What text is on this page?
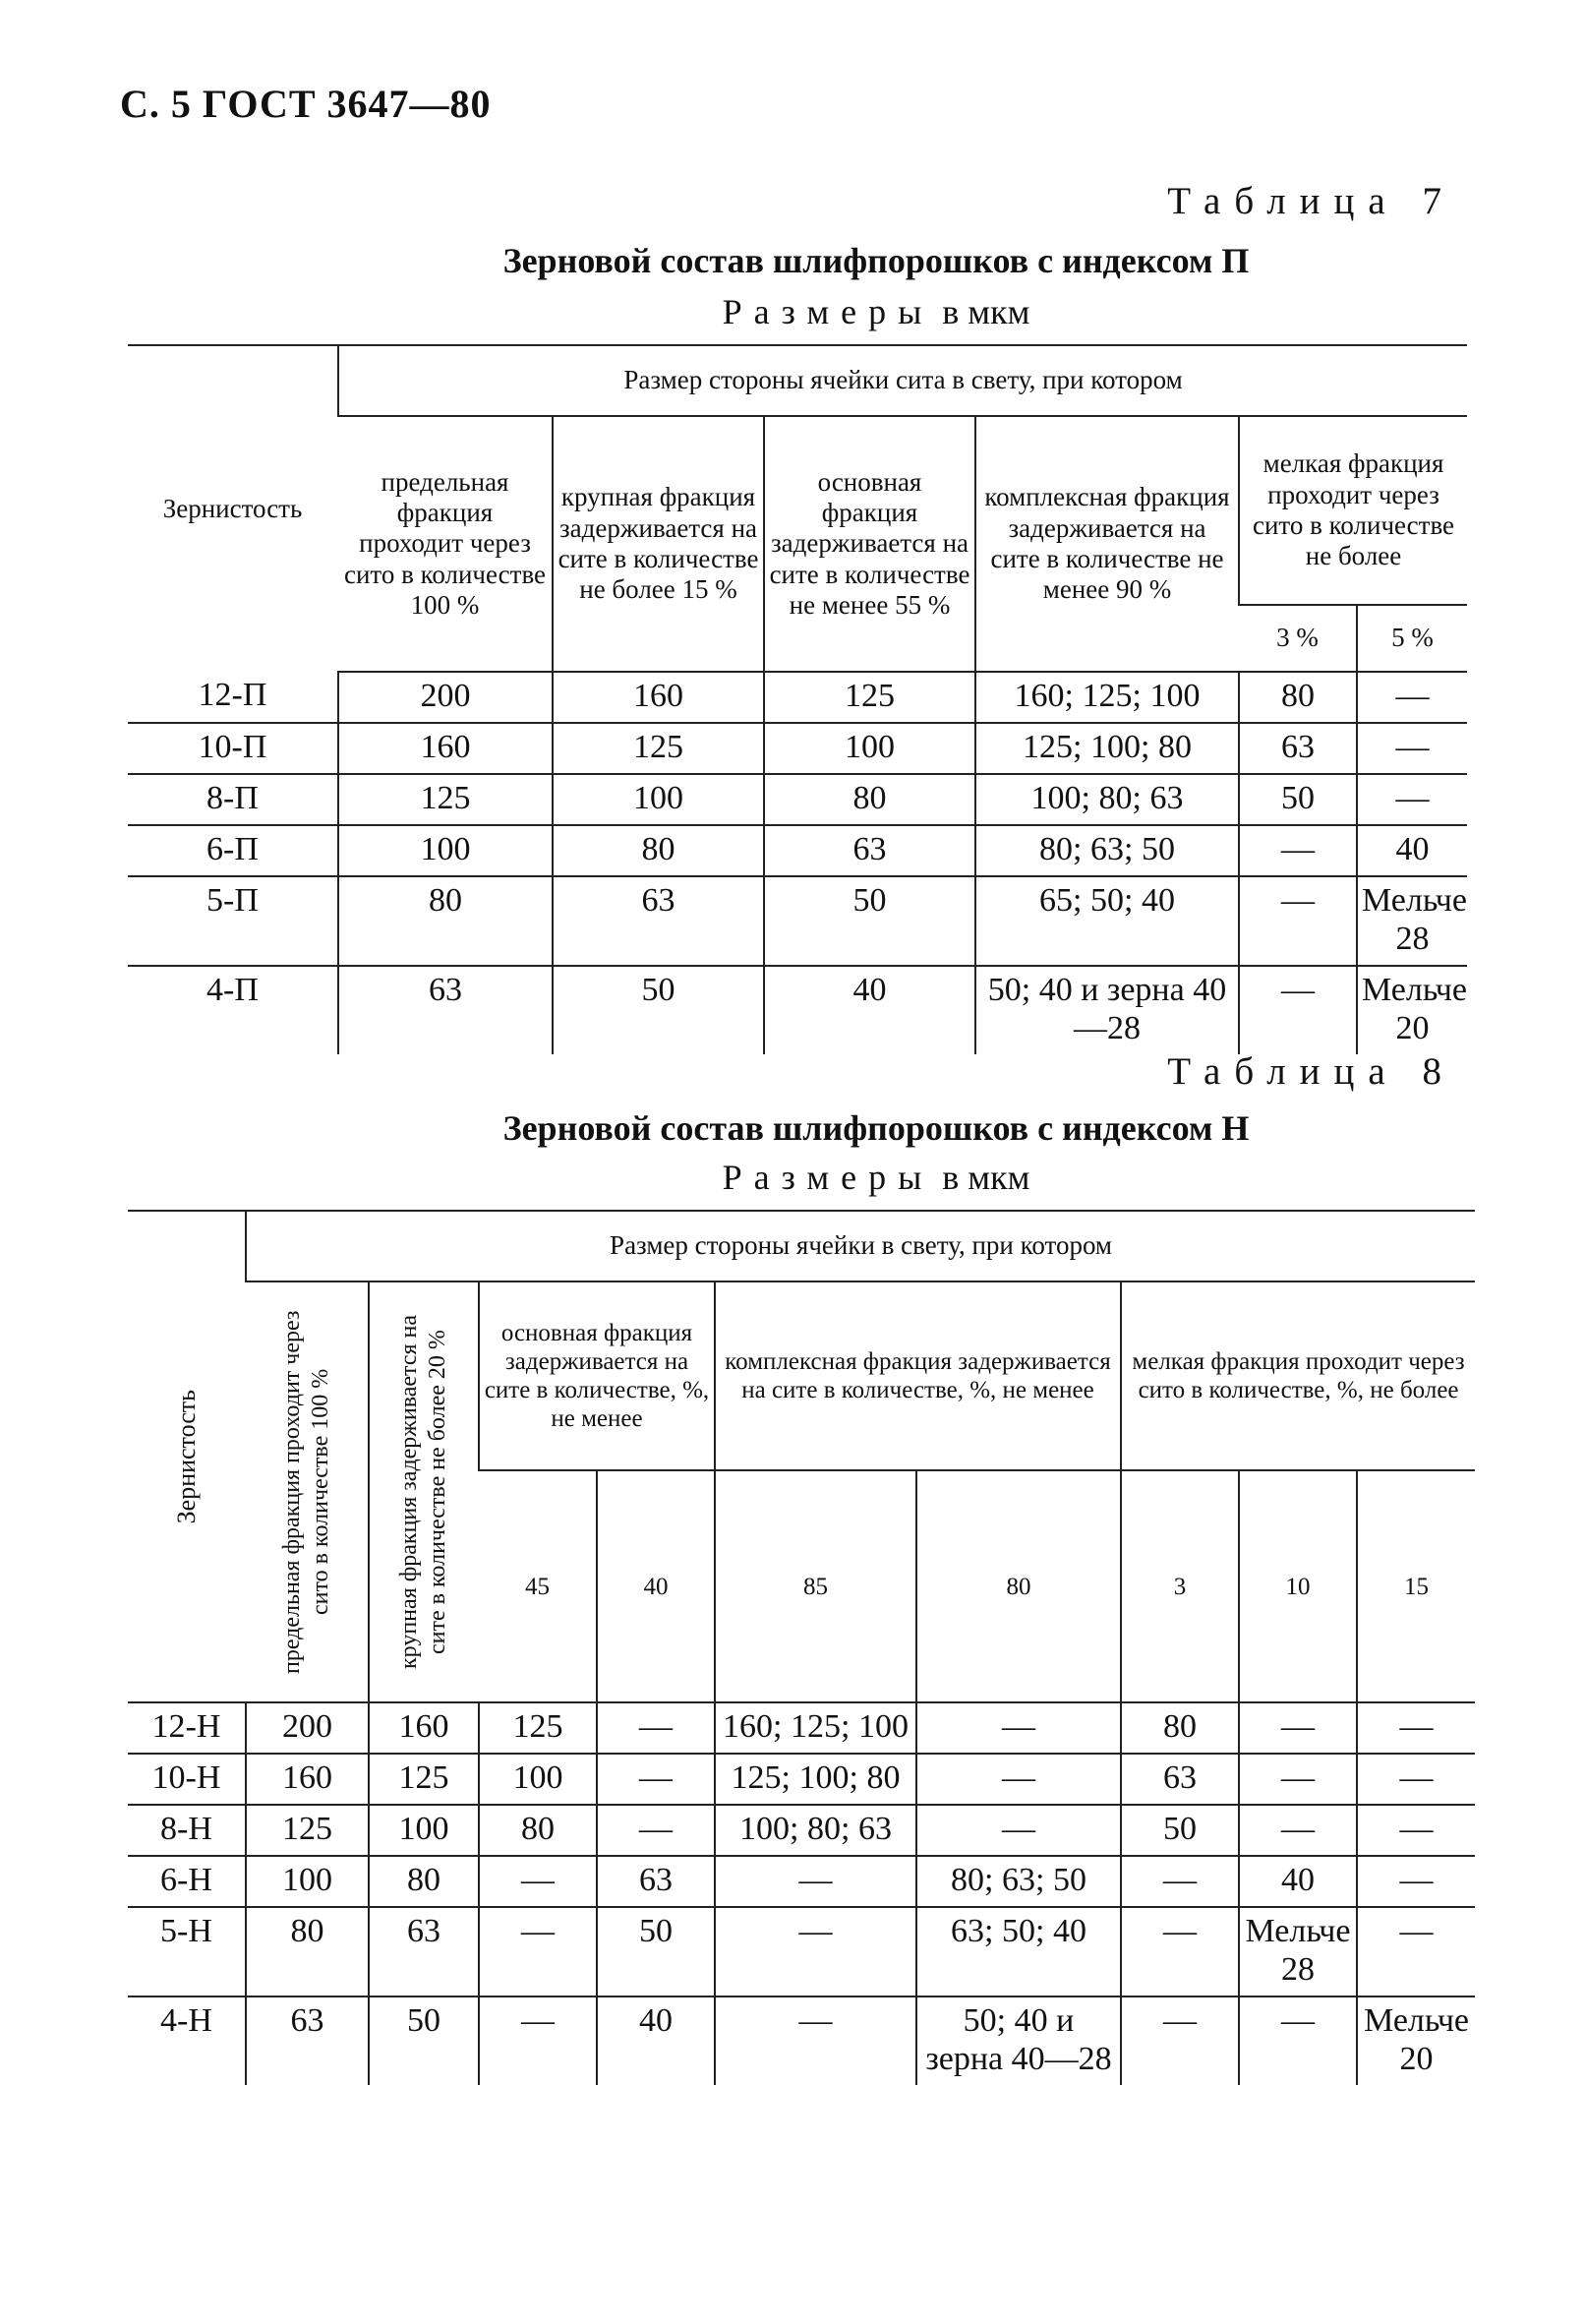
С. 5 ГОСТ 3647—80
Таблица 7
Зерновой состав шлифпорошков с индексом П
Размеры в мкм
Зернистость	Размер стороны ячейки сита в свету, при котором					
	предельная фракция проходит через сито в количестве 100 %	крупная фракция задерживается на сите в количестве не более 15 %	основная фракция задерживается на сите в количестве не менее 55 %	комплексная фракция задерживается на сите в количестве не менее 90 %	мелкая фракция проходит через сито в количестве не более	
					3 %	5 %
12-П	200	160	125	160; 125; 100	80	—
10-П	160	125	100	125; 100; 80	63	—
8-П	125	100	80	100; 80; 63	50	—
6-П	100	80	63	80; 63; 50	—	40
5-П	80	63	50	65; 50; 40	—	Мельче 28
4-П	63	50	40	50; 40 и зерна 40—28	—	Мельче 20
Таблица 8
Зерновой состав шлифпорошков с индексом Н
Размеры в мкм
Зернистость	Размер стороны ячейки в свету, при котором								

	предельная фракция проходит через сито в количестве 100 %	крупная фракция задерживается на сите в количестве не более 20 %	основная фракция задерживается на сите в количестве, %, не менее		комплексная фракция задерживается на сите в количестве, %, не менее		мелкая фракция проходит через сито в количестве, %, не более		
			45	40	85	80	3	10	15
12-Н	200	160	125	—	160; 125; 100	—	80	—	—
10-Н	160	125	100	—	125; 100; 80	—	63	—	—
8-Н	125	100	80	—	100; 80; 63	—	50	—	—
6-Н	100	80	—	63	—	80; 63; 50	—	40	—
5-Н	80	63	—	50	—	63; 50; 40	—	Мельче 28	—
4-Н	63	50	—	40	—	50; 40 и зерна 40—28	—	—	Мельче 20
